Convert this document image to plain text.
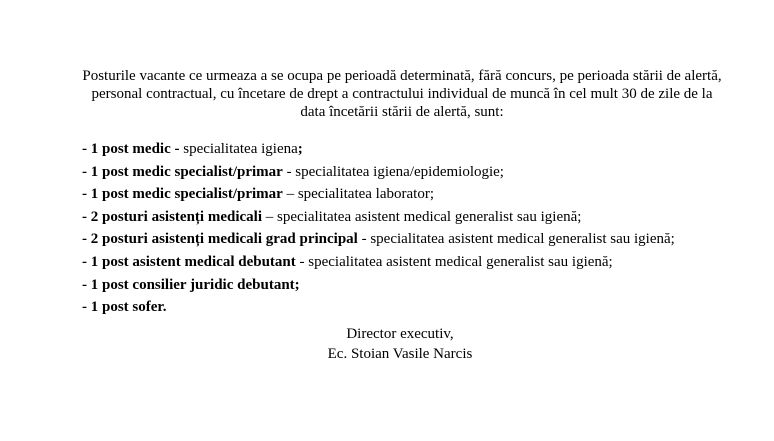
Posturile vacante ce urmeaza a se ocupa pe perioadă determinată, fără concurs, pe perioada stării de alertă, personal contractual, cu încetare de drept a contractului individual de muncă în cel mult 30 de zile de la data încetării stării de alertă, sunt:

- 1 post medic - specialitatea igiena;
- 1 post medic specialist/primar - specialitatea igiena/epidemiologie;
- 1 post medic specialist/primar – specialitatea laborator;
- 2 posturi asistenți medicali – specialitatea asistent medical generalist sau igienă;
- 2 posturi asistenți medicali grad principal - specialitatea asistent medical generalist sau igienă;
- 1 post asistent medical debutant - specialitatea asistent medical generalist sau igienă;
- 1 post consilier juridic debutant;
- 1 post sofer.
Director executiv,
Ec. Stoian Vasile Narcis
